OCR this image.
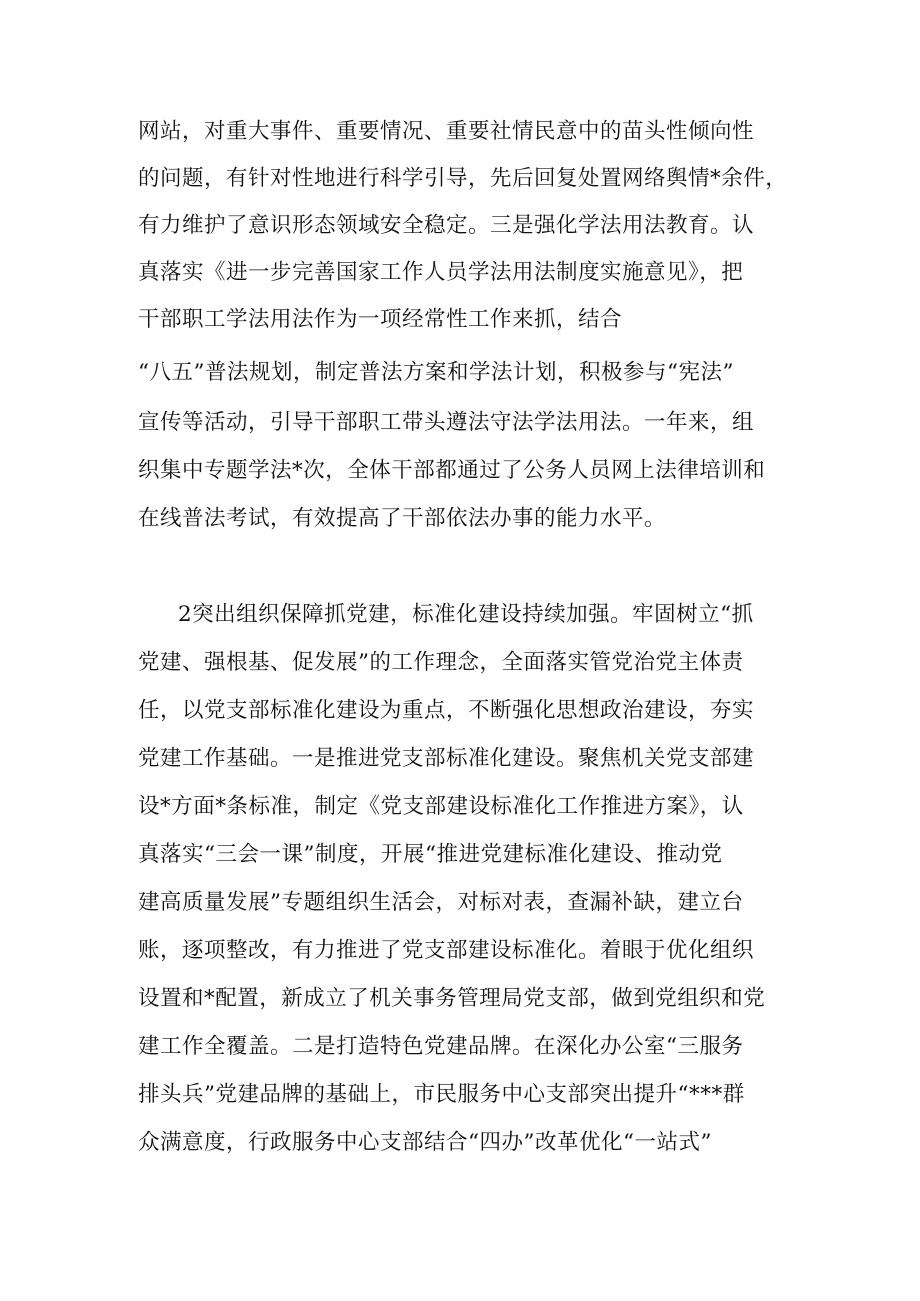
网站，对重大事件、重要情况、重要社情民意中的苗头性倾向性
的问题，有针对性地进行科学引导，先后回复处置网络舆情*余件，
有力维护了意识形态领域安全稳定。三是强化学法用法教育。认
真落实《进一步完善国家工作人员学法用法制度实施意见》，把
干部职工学法用法作为一项经常性工作来抓，结合
“八五”普法规划，制定普法方案和学法计划，积极参与“宪法”
宣传等活动，引导干部职工带头遵法守法学法用法。一年来，组
织集中专题学法*次，全体干部都通过了公务人员网上法律培训和
在线普法考试，有效提高了干部依法办事的能力水平。
2突出组织保障抓党建，标准化建设持续加强。牢固树立“抓
党建、强根基、促发展”的工作理念，全面落实管党治党主体责
任，以党支部标准化建设为重点，不断强化思想政治建设，夯实
党建工作基础。一是推进党支部标准化建设。聚焦机关党支部建
设*方面*条标准，制定《党支部建设标准化工作推进方案》，认
真落实“三会一课”制度，开展“推进党建标准化建设、推动党
建高质量发展”专题组织生活会，对标对表，查漏补缺，建立台
账，逐项整改，有力推进了党支部建设标准化。着眼于优化组织
设置和*配置，新成立了机关事务管理局党支部，做到党组织和党
建工作全覆盖。二是打造特色党建品牌。在深化办公室“三服务
排头兵”党建品牌的基础上，市民服务中心支部突出提升“***群
众满意度，行政服务中心支部结合“四办”改革优化“一站式”
